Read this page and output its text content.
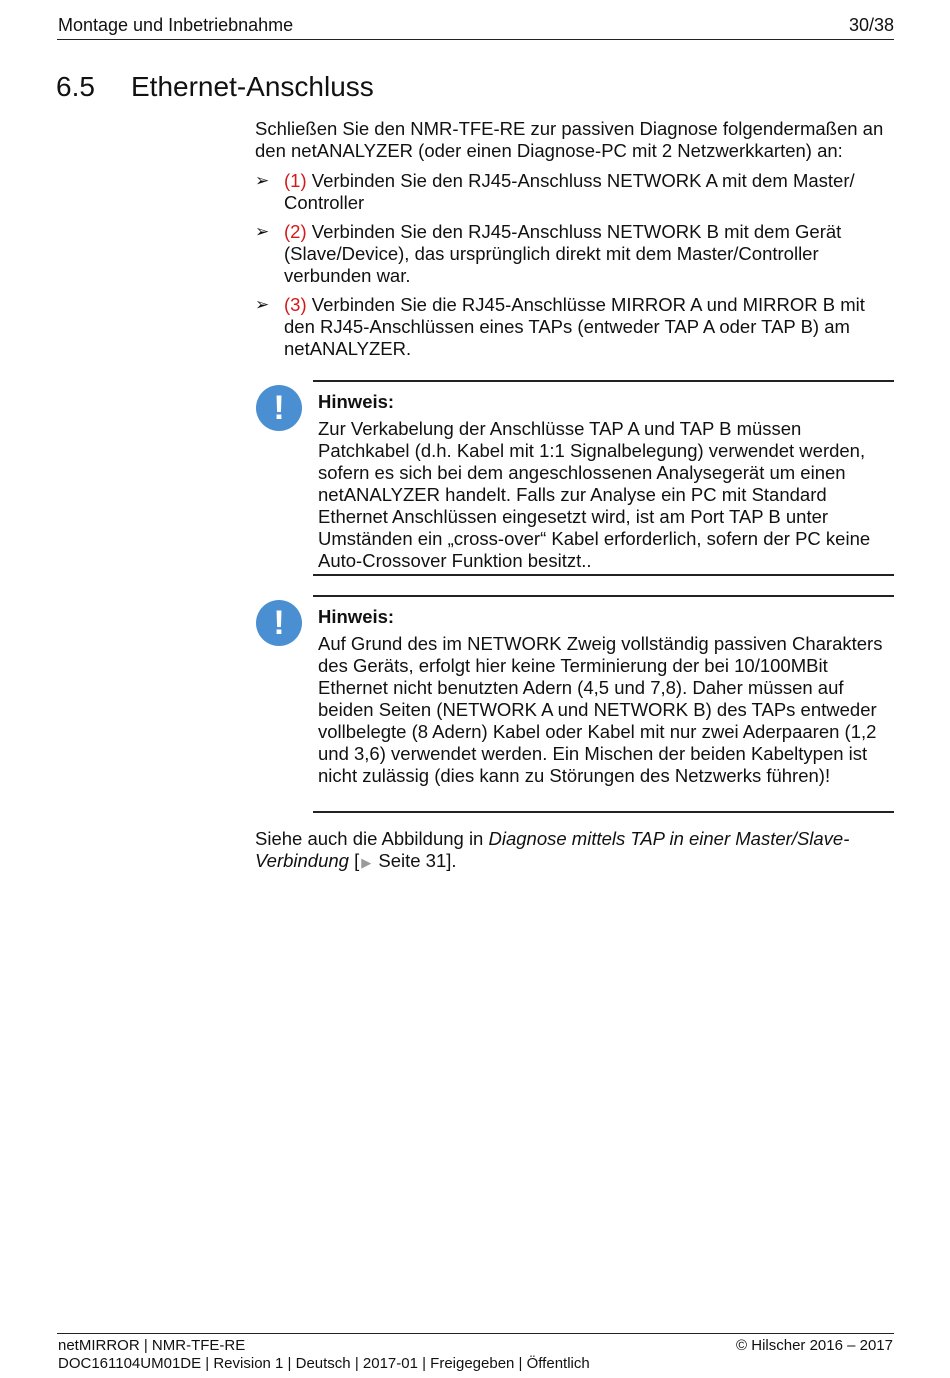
Montage und Inbetriebnahme	30/38
6.5 Ethernet-Anschluss
Schließen Sie den NMR-TFE-RE zur passiven Diagnose folgendermaßen an den netANALYZER (oder einen Diagnose-PC mit 2 Netzwerkkarten) an:
➢ (1) Verbinden Sie den RJ45-Anschluss NETWORK A mit dem Master/ Controller
➢ (2) Verbinden Sie den RJ45-Anschluss NETWORK B mit dem Gerät (Slave/Device), das ursprünglich direkt mit dem Master/Controller verbunden war.
➢ (3) Verbinden Sie die RJ45-Anschlüsse MIRROR A und MIRROR B mit den RJ45-Anschlüssen eines TAPs (entweder TAP A oder TAP B) am netANALYZER.
!	Hinweis:
Zur Verkabelung der Anschlüsse TAP A und TAP B müssen Patchkabel (d.h. Kabel mit 1:1 Signalbelegung) verwendet werden, sofern es sich bei dem angeschlossenen Analysegerät um einen netANALYZER handelt. Falls zur Analyse ein PC mit Standard Ethernet Anschlüssen eingesetzt wird, ist am Port TAP B unter Umständen ein „cross-over“ Kabel erforderlich, sofern der PC keine Auto-Crossover Funktion besitzt..
!	Hinweis:
Auf Grund des im NETWORK Zweig vollständig passiven Charakters des Geräts, erfolgt hier keine Terminierung der bei 10/100MBit Ethernet nicht benutzten Adern (4,5 und 7,8). Daher müssen auf beiden Seiten (NETWORK A und NETWORK B) des TAPs entweder vollbelegte (8 Adern) Kabel oder Kabel mit nur zwei Aderpaaren (1,2 und 3,6) verwendet werden. Ein Mischen der beiden Kabeltypen ist nicht zulässig (dies kann zu Störungen des Netzwerks führen)!
Siehe auch die Abbildung in Diagnose mittels TAP in einer Master/Slave-Verbindung [ ▶ Seite 31].
netMIRROR | NMR-TFE-RE
DOC161104UM01DE | Revision 1 | Deutsch | 2017-01 | Freigegeben | Öffentlich
© Hilscher 2016 – 2017
